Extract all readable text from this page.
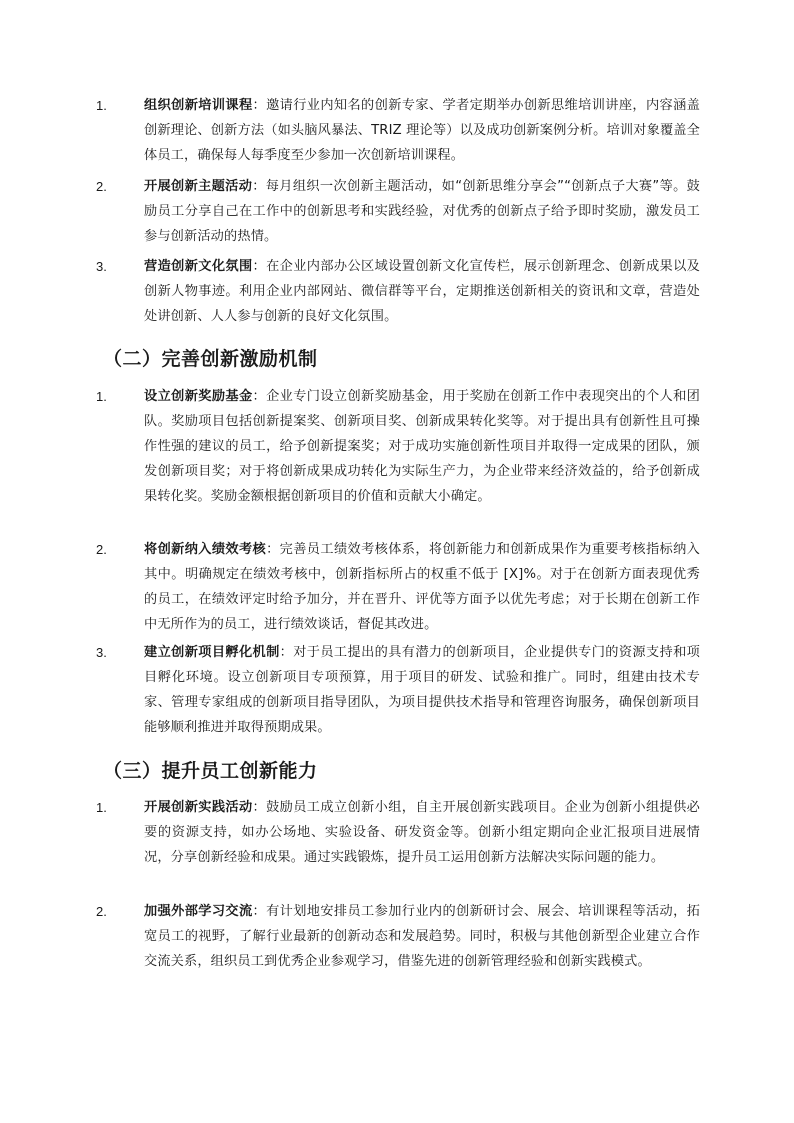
1.	组织创新培训课程：邀请行业内知名的创新专家、学者定期举办创新思维培训讲座，内容涵盖创新理论、创新方法（如头脑风暴法、TRIZ 理论等）以及成功创新案例分析。培训对象覆盖全体员工，确保每人每季度至少参加一次创新培训课程。

2.	开展创新主题活动：每月组织一次创新主题活动，如“创新思维分享会”“创新点子大赛”等。鼓励员工分享自己在工作中的创新思考和实践经验，对优秀的创新点子给予即时奖励，激发员工参与创新活动的热情。

3.	营造创新文化氛围：在企业内部办公区域设置创新文化宣传栏，展示创新理念、创新成果以及创新人物事迹。利用企业内部网站、微信群等平台，定期推送创新相关的资讯和文章，营造处处讲创新、人人参与创新的良好文化氛围。

（二）完善创新激励机制
1.	设立创新奖励基金：企业专门设立创新奖励基金，用于奖励在创新工作中表现突出的个人和团队。奖励项目包括创新提案奖、创新项目奖、创新成果转化奖等。对于提出具有创新性且可操作性强的建议的员工，给予创新提案奖；对于成功实施创新性项目并取得一定成果的团队，颁发创新项目奖；对于将创新成果成功转化为实际生产力，为企业带来经济效益的，给予创新成果转化奖。奖励金额根据创新项目的价值和贡献大小确定。

2.	将创新纳入绩效考核：完善员工绩效考核体系，将创新能力和创新成果作为重要考核指标纳入其中。明确规定在绩效考核中，创新指标所占的权重不低于 [X]%。对于在创新方面表现优秀的员工，在绩效评定时给予加分，并在晋升、评优等方面予以优先考虑；对于长期在创新工作中无所作为的员工，进行绩效谈话，督促其改进。

3.	建立创新项目孵化机制：对于员工提出的具有潜力的创新项目，企业提供专门的资源支持和项目孵化环境。设立创新项目专项预算，用于项目的研发、试验和推广。同时，组建由技术专家、管理专家组成的创新项目指导团队，为项目提供技术指导和管理咨询服务，确保创新项目能够顺利推进并取得预期成果。

（三）提升员工创新能力
1.	开展创新实践活动：鼓励员工成立创新小组，自主开展创新实践项目。企业为创新小组提供必要的资源支持，如办公场地、实验设备、研发资金等。创新小组定期向企业汇报项目进展情况，分享创新经验和成果。通过实践锻炼，提升员工运用创新方法解决实际问题的能力。

2.	加强外部学习交流：有计划地安排员工参加行业内的创新研讨会、展会、培训课程等活动，拓宽员工的视野，了解行业最新的创新动态和发展趋势。同时，积极与其他创新型企业建立合作交流关系，组织员工到优秀企业参观学习，借鉴先进的创新管理经验和创新实践模式。
